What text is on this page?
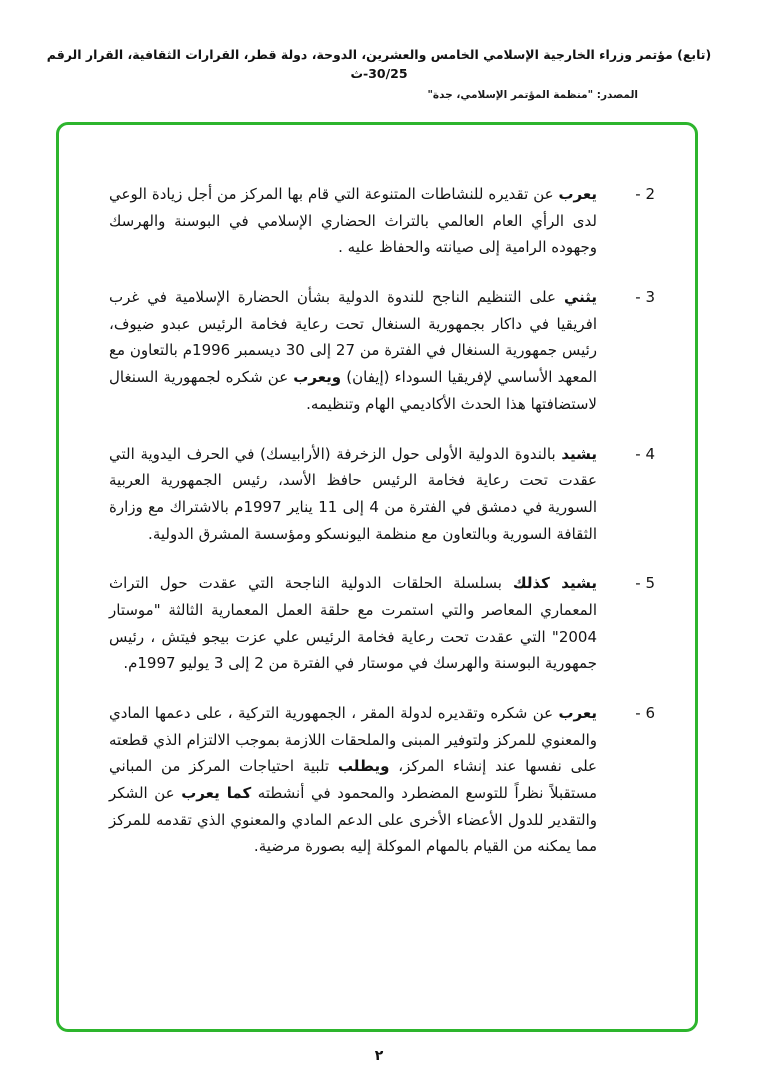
(تابع) مؤتمر وزراء الخارجية الإسلامي الخامس والعشرين، الدوحة، دولة قطر، القرارات الثقافية، القرار الرقم 30/25-ث
المصدر: "منظمة المؤتمر الإسلامي، جدة"
2 -
يعرب عن تقديره للنشاطات المتنوعة التي قام بها المركز من أجل زيادة الوعي لدى الرأي العام العالمي بالتراث الحضاري الإسلامي في البوسنة والهرسك وجهوده الرامية إلى صيانته والحفاظ عليه .
3 -
يثني على التنظيم الناجح للندوة الدولية بشأن الحضارة الإسلامية في غرب افريقيا في داكار بجمهورية السنغال تحت رعاية فخامة الرئيس عبدو ضيوف، رئيس جمهورية السنغال في الفترة من 27 إلى 30 ديسمبر 1996م بالتعاون مع المعهد الأساسي لإفريقيا السوداء (إيفان) ويعرب عن شكره لجمهورية السنغال لاستضافتها هذا الحدث الأكاديمي الهام وتنظيمه.
4 -
يشيد بالندوة الدولية الأولى حول الزخرفة (الأرابيسك) في الحرف اليدوية التي عقدت تحت رعاية فخامة الرئيس حافظ الأسد، رئيس الجمهورية العربية السورية في دمشق في الفترة من 4 إلى 11 يناير 1997م بالاشتراك مع وزارة الثقافة السورية وبالتعاون مع منظمة اليونسكو ومؤسسة المشرق الدولية.
5 -
يشيد كذلك بسلسلة الحلقات الدولية الناجحة التي عقدت حول التراث المعماري المعاصر والتي استمرت مع حلقة العمل المعمارية الثالثة "موستار 2004" التي عقدت تحت رعاية فخامة الرئيس علي عزت بيجو فيتش ، رئيس جمهورية البوسنة والهرسك في موستار في الفترة من 2 إلى 3 يوليو 1997م.
6 -
يعرب عن شكره وتقديره لدولة المقر ، الجمهورية التركية ، على دعمها المادي والمعنوي للمركز ولتوفير المبنى والملحقات اللازمة بموجب الالتزام الذي قطعته على نفسها عند إنشاء المركز، ويطلب تلبية احتياجات المركز من المباني مستقبلاً نظراً للتوسع المضطرد والمحمود في أنشطته كما يعرب عن الشكر والتقدير للدول الأعضاء الأخرى على الدعم المادي والمعنوي الذي تقدمه للمركز مما يمكنه من القيام بالمهام الموكلة إليه بصورة مرضية.
٢
